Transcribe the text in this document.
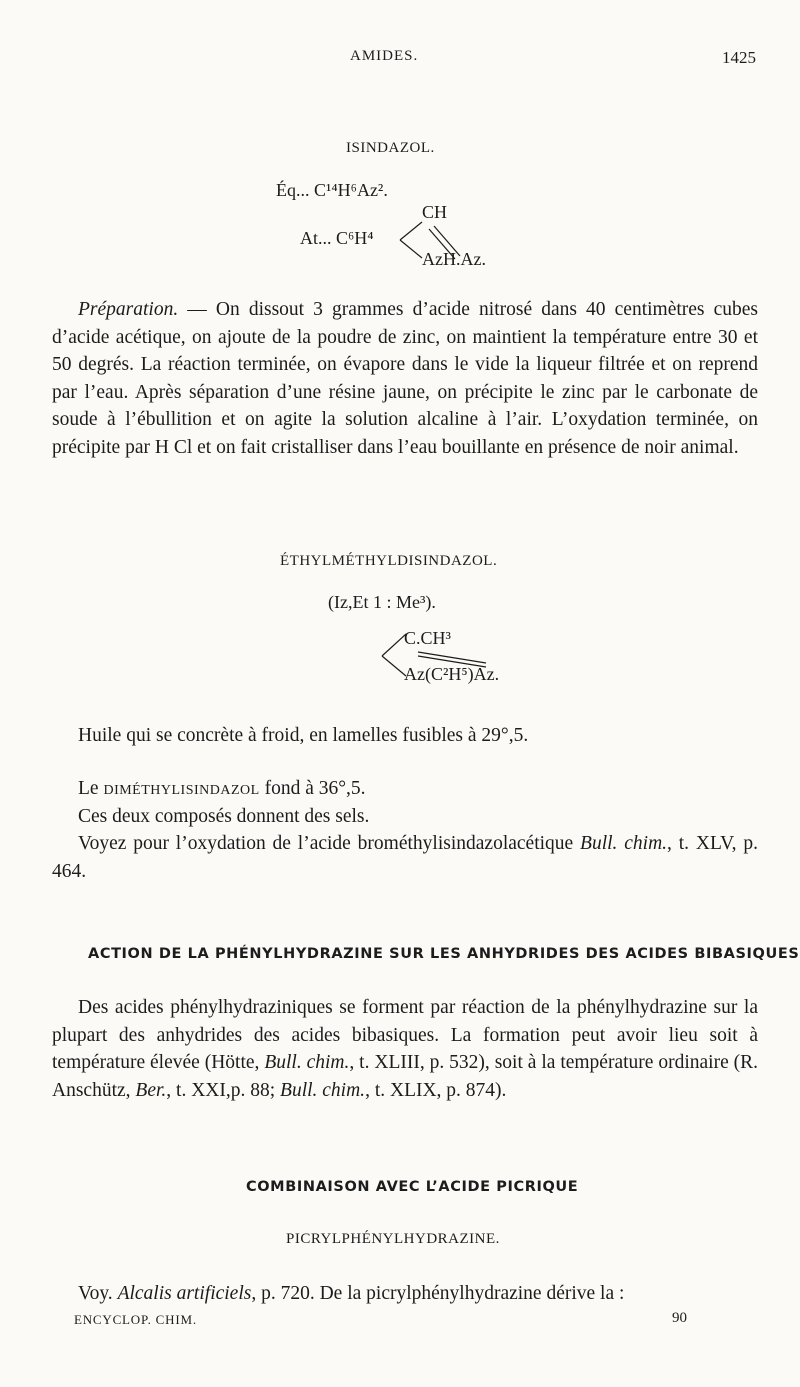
AMIDES.	1425
ISINDAZOL.
Éq... C¹⁴H⁶Az².
At... C⁶H⁴
CH
AzH.Az.

Préparation. — On dissout 3 grammes d’acide nitrosé dans 40 centimètres cubes d’acide acétique, on ajoute de la poudre de zinc, on maintient la température entre 30 et 50 degrés. La réaction terminée, on évapore dans le vide la liqueur filtrée et on reprend par l’eau. Après séparation d’une résine jaune, on précipite le zinc par le carbonate de soude à l’ébullition et on agite la solution alcaline à l’air. L’oxydation terminée, on précipite par H Cl et on fait cristalliser dans l’eau bouillante en présence de noir animal.

ÉTHYLMÉTHYLDISINDAZOL.
(Iz,Et 1 : Me³).
C.CH³
Az(C²H⁵)Az.

Huile qui se concrète à froid, en lamelles fusibles à 29°,5.

Le diméthylisindazol fond à 36°,5.

Ces deux composés donnent des sels.

Voyez pour l’oxydation de l’acide brométhylisindazolacétique Bull. chim., t. XLV, p. 464.

ACTION DE LA PHÉNYLHYDRAZINE SUR LES ANHYDRIDES DES ACIDES BIBASIQUES

Des acides phénylhydraziniques se forment par réaction de la phénylhydrazine sur la plupart des anhydrides des acides bibasiques. La formation peut avoir lieu soit à température élevée (Hötte, Bull. chim., t. XLIII, p. 532), soit à la température ordinaire (R. Anschütz, Ber., t. XXI,p. 88; Bull. chim., t. XLIX, p. 874).

COMBINAISON AVEC L’ACIDE PICRIQUE
PICRYLPHÉNYLHYDRAZINE.

Voy. Alcalis artificiels, p. 720. De la picrylphénylhydrazine dérive la :

ENCYCLOP. CHIM.	90
